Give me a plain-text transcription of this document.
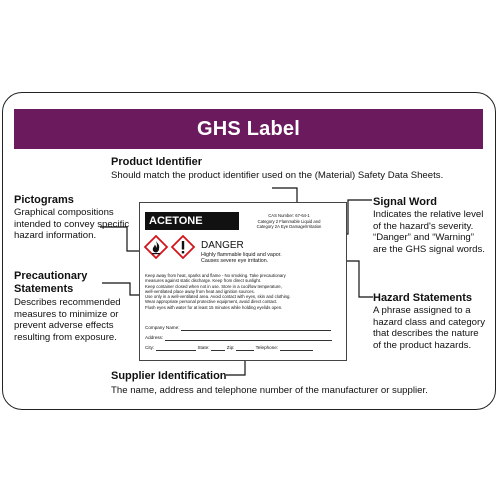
GHS Label
Product Identifier
Should match the product identifier used on the (Material) Safety Data Sheets.
Pictograms
Graphical compositions
intended to convey specific
hazard information.
Precautionary
Statements
Describes recommended
measures to minimize or
prevent adverse effects
resulting from exposure.
Signal Word
Indicates the relative level
of the hazard's severity.
“Danger” and “Warning”
are the GHS signal words.
Hazard Statements
A phrase assigned to a
hazard class and category
that describes the nature
of the product hazards.
Supplier Identification
The name, address and telephone number of the manufacturer or supplier.
ACETONE	CAS Number: 67-64-1
Category 2 Flammable Liquid and
Category 2A Eye Damage/Irritation
DANGER
Highly flammable liquid and vapor.
Causes severe eye irritation.
Keep away from heat, sparks and flame - No smoking. Take precautionary
measures against static discharge. Keep from direct sunlight.
Keep container closed when not in use. Store in a cool/low temperature,
well-ventilated place away from heat and ignition sources.
Use only in a well-ventilated area. Avoid contact with eyes, skin and clothing.
Wear appropriate personal protective equipment, avoid direct contact.
Flush eyes with water for at least 15 minutes while holding eyelids open.
Company Name:
Address:
City:	State:	Zip:	Telephone:
